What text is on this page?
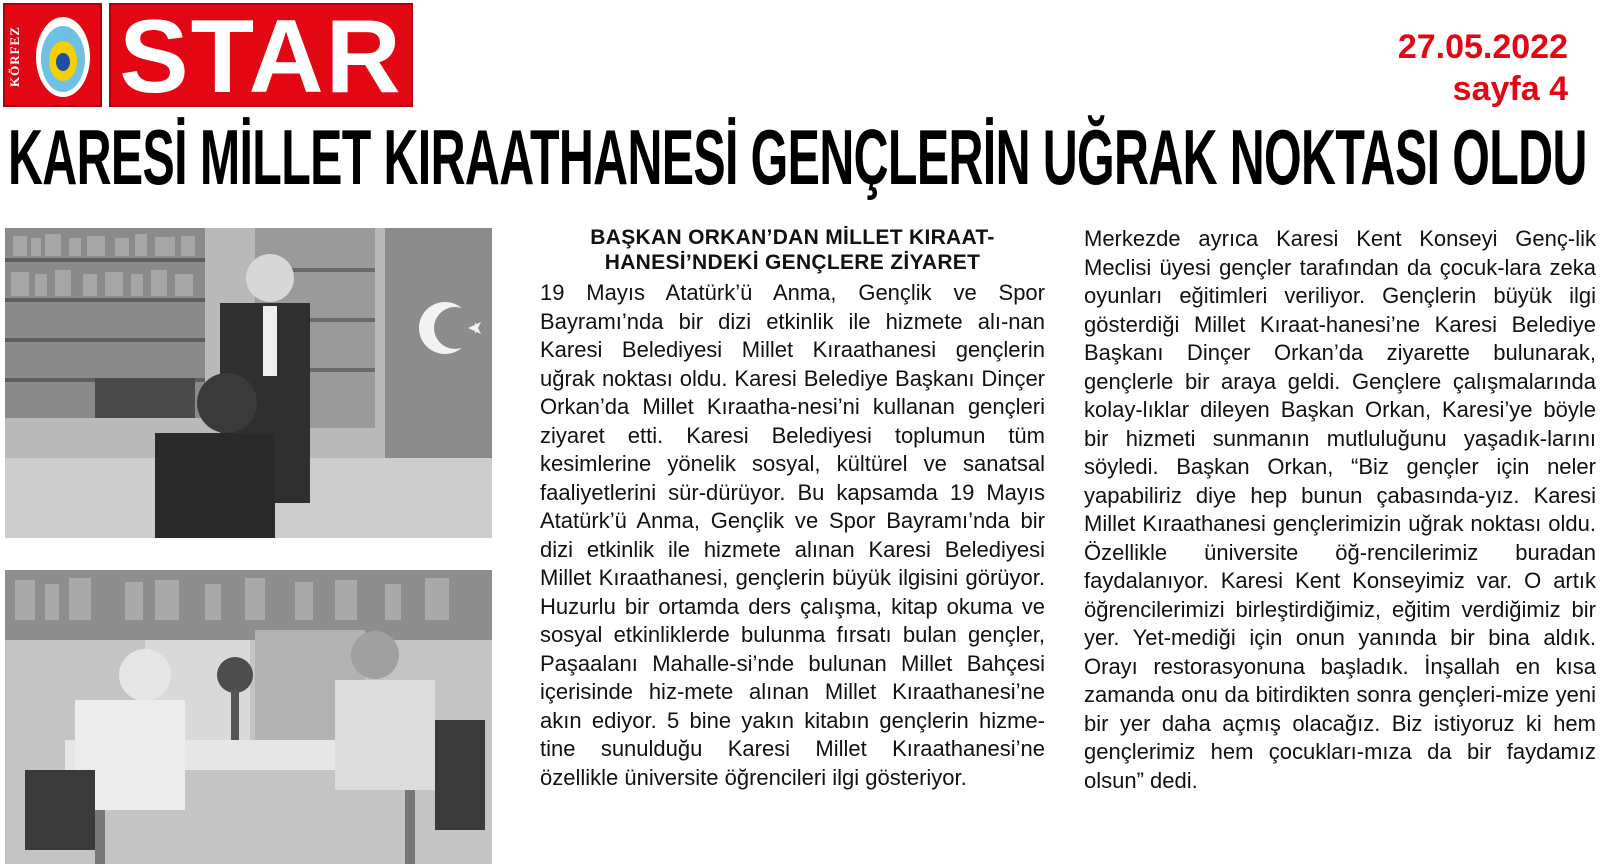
KÖRFEZ STAR	27.05.2022
sayfa 4
KARESİ MİLLET KIRAATHANESİ GENÇLERİN UĞRAK NOKTASI OLDU
BAŞKAN ORKAN’DAN MİLLET KIRAAT-HANESİ’NDEKİ GENÇLERE ZİYARET

19 Mayıs Atatürk’ü Anma, Gençlik ve Spor Bayramı’nda bir dizi etkinlik ile hizmete alı-nan Karesi Belediyesi Millet Kıraathanesi gençlerin uğrak noktası oldu. Karesi Belediye Başkanı Dinçer Orkan’da Millet Kıraatha-nesi’ni kullanan gençleri ziyaret etti. Karesi Belediyesi toplumun tüm kesimlerine yönelik sosyal, kültürel ve sanatsal faaliyetlerini sür-dürüyor. Bu kapsamda 19 Mayıs Atatürk’ü Anma, Gençlik ve Spor Bayramı’nda bir dizi etkinlik ile hizmete alınan Karesi Belediyesi Millet Kıraathanesi, gençlerin büyük ilgisini görüyor. Huzurlu bir ortamda ders çalışma, kitap okuma ve sosyal etkinliklerde bulunma fırsatı bulan gençler, Paşaalanı Mahalle-si’nde bulunan Millet Bahçesi içerisinde hiz-mete alınan Millet Kıraathanesi’ne akın ediyor. 5 bine yakın kitabın gençlerin hizme-tine sunulduğu Karesi Millet Kıraathanesi’ne özellikle üniversite öğrencileri ilgi gösteriyor.

Merkezde ayrıca Karesi Kent Konseyi Genç-lik Meclisi üyesi gençler tarafından da çocuk-lara zeka oyunları eğitimleri veriliyor. Gençlerin büyük ilgi gösterdiği Millet Kıraat-hanesi’ne Karesi Belediye Başkanı Dinçer Orkan’da ziyarette bulunarak, gençlerle bir araya geldi. Gençlere çalışmalarında kolay-lıklar dileyen Başkan Orkan, Karesi’ye böyle bir hizmeti sunmanın mutluluğunu yaşadık-larını söyledi. Başkan Orkan, “Biz gençler için neler yapabiliriz diye hep bunun çabasında-yız. Karesi Millet Kıraathanesi gençlerimizin uğrak noktası oldu. Özellikle üniversite öğ-rencilerimiz buradan faydalanıyor. Karesi Kent Konseyimiz var. O artık öğrencilerimizi birleştirdiğimiz, eğitim verdiğimiz bir yer. Yet-mediği için onun yanında bir bina aldık. Orayı restorasyonuna başladık. İnşallah en kısa zamanda onu da bitirdikten sonra gençleri-mize yeni bir yer daha açmış olacağız. Biz istiyoruz ki hem gençlerimiz hem çocukları-mıza da bir faydamız olsun” dedi.
